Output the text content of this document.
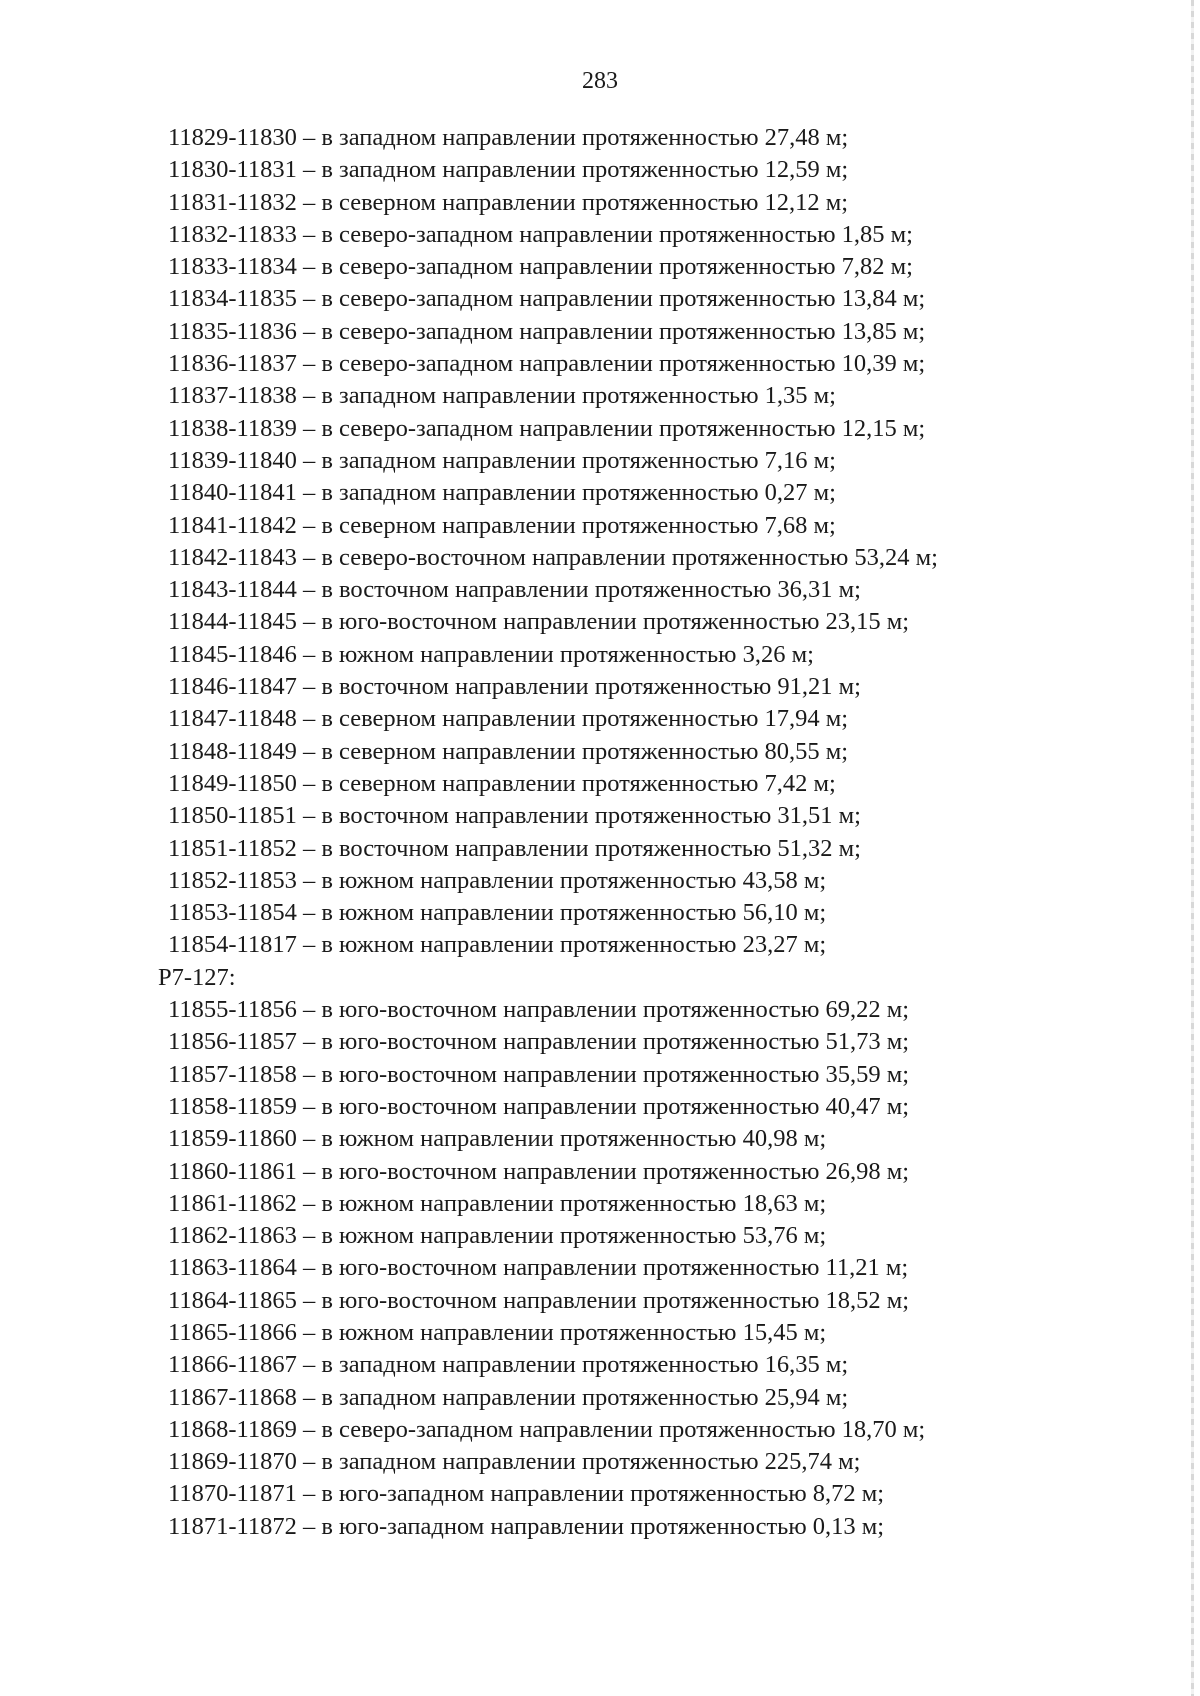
283
11829-11830 – в западном направлении протяженностью 27,48 м;
11830-11831 – в западном направлении протяженностью 12,59 м;
11831-11832 – в северном направлении протяженностью 12,12 м;
11832-11833 – в северо-западном направлении протяженностью 1,85 м;
11833-11834 – в северо-западном направлении протяженностью 7,82 м;
11834-11835 – в северо-западном направлении протяженностью 13,84 м;
11835-11836 – в северо-западном направлении протяженностью 13,85 м;
11836-11837 – в северо-западном направлении протяженностью 10,39 м;
11837-11838 – в западном направлении протяженностью 1,35 м;
11838-11839 – в северо-западном направлении протяженностью 12,15 м;
11839-11840 – в западном направлении протяженностью 7,16 м;
11840-11841 – в западном направлении протяженностью 0,27 м;
11841-11842 – в северном направлении протяженностью 7,68 м;
11842-11843 – в северо-восточном направлении протяженностью 53,24 м;
11843-11844 – в восточном направлении протяженностью 36,31 м;
11844-11845 – в юго-восточном направлении протяженностью 23,15 м;
11845-11846 – в южном направлении протяженностью 3,26 м;
11846-11847 – в восточном направлении протяженностью 91,21 м;
11847-11848 – в северном направлении протяженностью 17,94 м;
11848-11849 – в северном направлении протяженностью 80,55 м;
11849-11850 – в северном направлении протяженностью 7,42 м;
11850-11851 – в восточном направлении протяженностью 31,51 м;
11851-11852 – в восточном направлении протяженностью 51,32 м;
11852-11853 – в южном направлении протяженностью 43,58 м;
11853-11854 – в южном направлении протяженностью 56,10 м;
11854-11817 – в южном направлении протяженностью 23,27 м;
Р7-127:
11855-11856 – в юго-восточном направлении протяженностью 69,22 м;
11856-11857 – в юго-восточном направлении протяженностью 51,73 м;
11857-11858 – в юго-восточном направлении протяженностью 35,59 м;
11858-11859 – в юго-восточном направлении протяженностью 40,47 м;
11859-11860 – в южном направлении протяженностью 40,98 м;
11860-11861 – в юго-восточном направлении протяженностью 26,98 м;
11861-11862 – в южном направлении протяженностью 18,63 м;
11862-11863 – в южном направлении протяженностью 53,76 м;
11863-11864 – в юго-восточном направлении протяженностью 11,21 м;
11864-11865 – в юго-восточном направлении протяженностью 18,52 м;
11865-11866 – в южном направлении протяженностью 15,45 м;
11866-11867 – в западном направлении протяженностью 16,35 м;
11867-11868 – в западном направлении протяженностью 25,94 м;
11868-11869 – в северо-западном направлении протяженностью 18,70 м;
11869-11870 – в западном направлении протяженностью 225,74 м;
11870-11871 – в юго-западном направлении протяженностью 8,72 м;
11871-11872 – в юго-западном направлении протяженностью 0,13 м;
